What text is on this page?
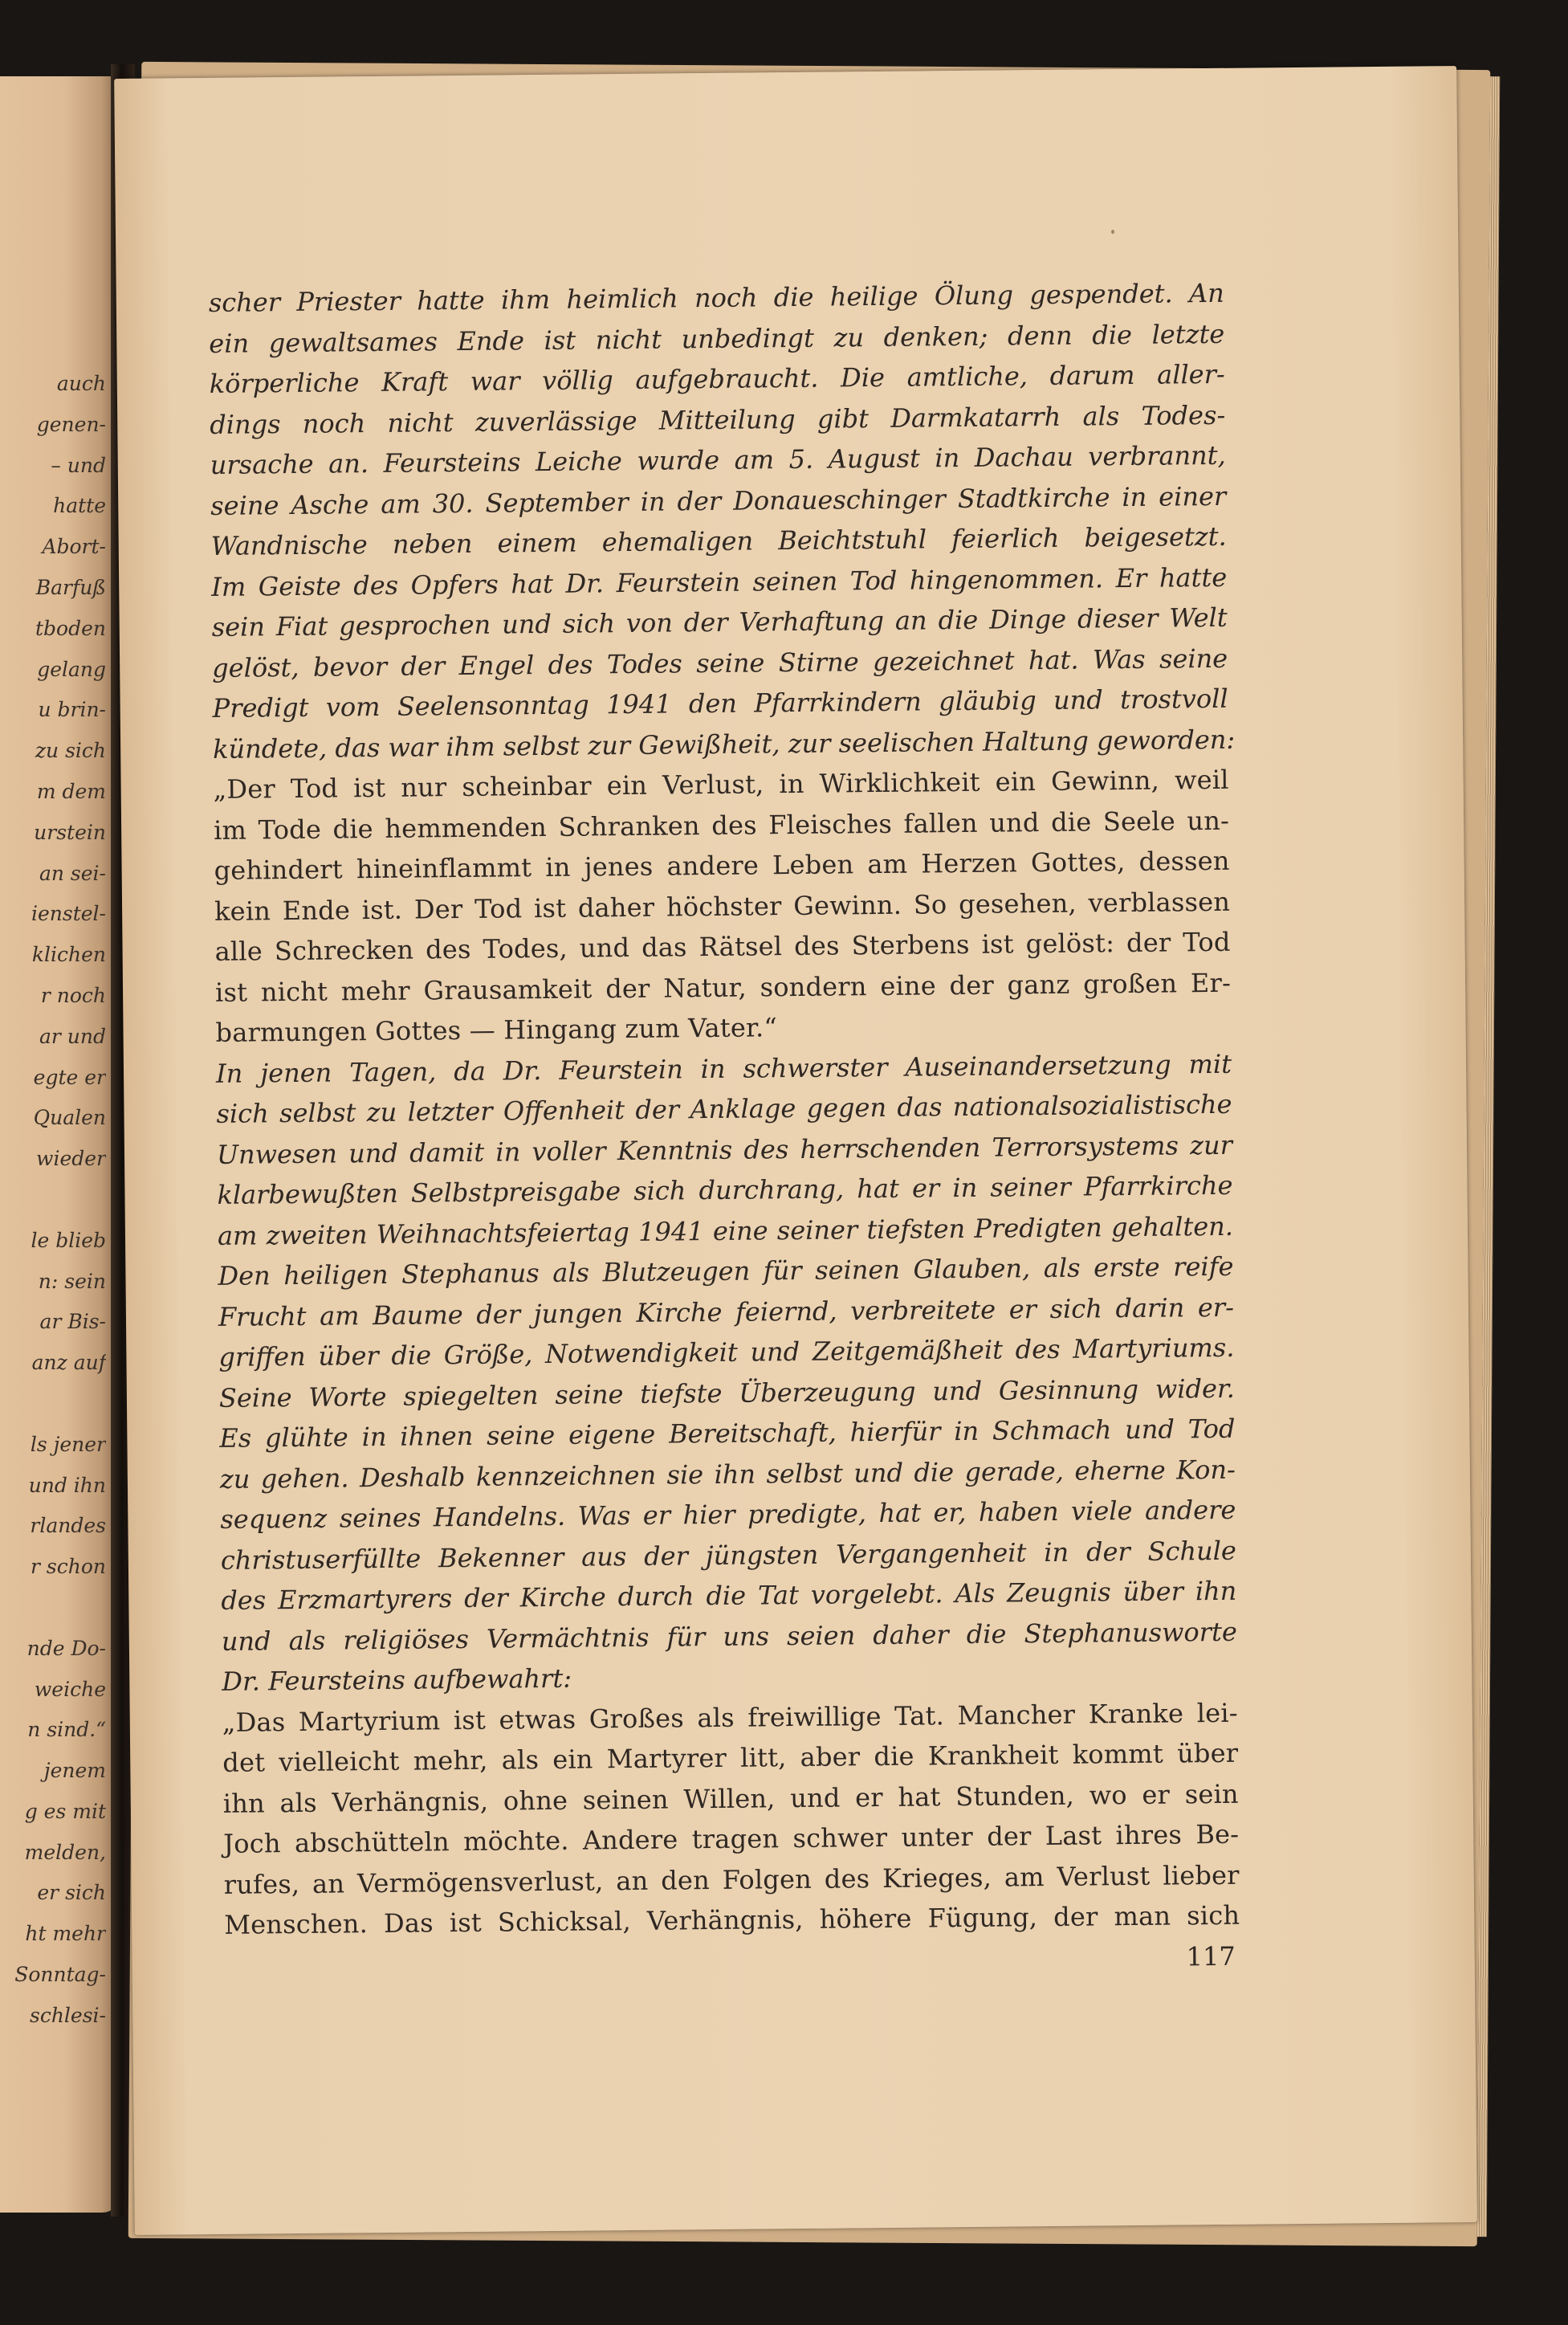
auch
genen-
– und
hatte
Abort-
Barfuß
tboden
gelang
u brin-
zu sich
m dem
urstein
an sei-
ienstel-
klichen
r noch
ar und
egte er
Qualen
wieder
le blieb
n: sein
ar Bis-
anz auf
ls jener
und ihn
rlandes
r schon
nde Do-
weiche
n sind.“
jenem
g es mit
melden,
er sich
ht mehr
Sonntag-
schlesi-
scher Priester hatte ihm heimlich noch die heilige Ölung gespendet. An
ein gewaltsames Ende ist nicht unbedingt zu denken; denn die letzte
körperliche Kraft war völlig aufgebraucht. Die amtliche, darum aller-
dings noch nicht zuverlässige Mitteilung gibt Darmkatarrh als Todes-
ursache an. Feursteins Leiche wurde am 5. August in Dachau verbrannt,
seine Asche am 30. September in der Donaueschinger Stadtkirche in einer
Wandnische neben einem ehemaligen Beichtstuhl feierlich beigesetzt.
Im Geiste des Opfers hat Dr. Feurstein seinen Tod hingenommen. Er hatte
sein Fiat gesprochen und sich von der Verhaftung an die Dinge dieser Welt
gelöst, bevor der Engel des Todes seine Stirne gezeichnet hat. Was seine
Predigt vom Seelensonntag 1941 den Pfarrkindern gläubig und trostvoll
kündete, das war ihm selbst zur Gewißheit, zur seelischen Haltung geworden:
„Der Tod ist nur scheinbar ein Verlust, in Wirklichkeit ein Gewinn, weil
im Tode die hemmenden Schranken des Fleisches fallen und die Seele un-
gehindert hineinflammt in jenes andere Leben am Herzen Gottes, dessen
kein Ende ist. Der Tod ist daher höchster Gewinn. So gesehen, verblassen
alle Schrecken des Todes, und das Rätsel des Sterbens ist gelöst: der Tod
ist nicht mehr Grausamkeit der Natur, sondern eine der ganz großen Er-
barmungen Gottes — Hingang zum Vater.“
In jenen Tagen, da Dr. Feurstein in schwerster Auseinandersetzung mit
sich selbst zu letzter Offenheit der Anklage gegen das nationalsozialistische
Unwesen und damit in voller Kenntnis des herrschenden Terrorsystems zur
klarbewußten Selbstpreisgabe sich durchrang, hat er in seiner Pfarrkirche
am zweiten Weihnachtsfeiertag 1941 eine seiner tiefsten Predigten gehalten.
Den heiligen Stephanus als Blutzeugen für seinen Glauben, als erste reife
Frucht am Baume der jungen Kirche feiernd, verbreitete er sich darin er-
griffen über die Größe, Notwendigkeit und Zeitgemäßheit des Martyriums.
Seine Worte spiegelten seine tiefste Überzeugung und Gesinnung wider.
Es glühte in ihnen seine eigene Bereitschaft, hierfür in Schmach und Tod
zu gehen. Deshalb kennzeichnen sie ihn selbst und die gerade, eherne Kon-
sequenz seines Handelns. Was er hier predigte, hat er, haben viele andere
christuserfüllte Bekenner aus der jüngsten Vergangenheit in der Schule
des Erzmartyrers der Kirche durch die Tat vorgelebt. Als Zeugnis über ihn
und als religiöses Vermächtnis für uns seien daher die Stephanusworte
Dr. Feursteins aufbewahrt:
„Das Martyrium ist etwas Großes als freiwillige Tat. Mancher Kranke lei-
det vielleicht mehr, als ein Martyrer litt, aber die Krankheit kommt über
ihn als Verhängnis, ohne seinen Willen, und er hat Stunden, wo er sein
Joch abschütteln möchte. Andere tragen schwer unter der Last ihres Be-
rufes, an Vermögensverlust, an den Folgen des Krieges, am Verlust lieber
Menschen. Das ist Schicksal, Verhängnis, höhere Fügung, der man sich
117
